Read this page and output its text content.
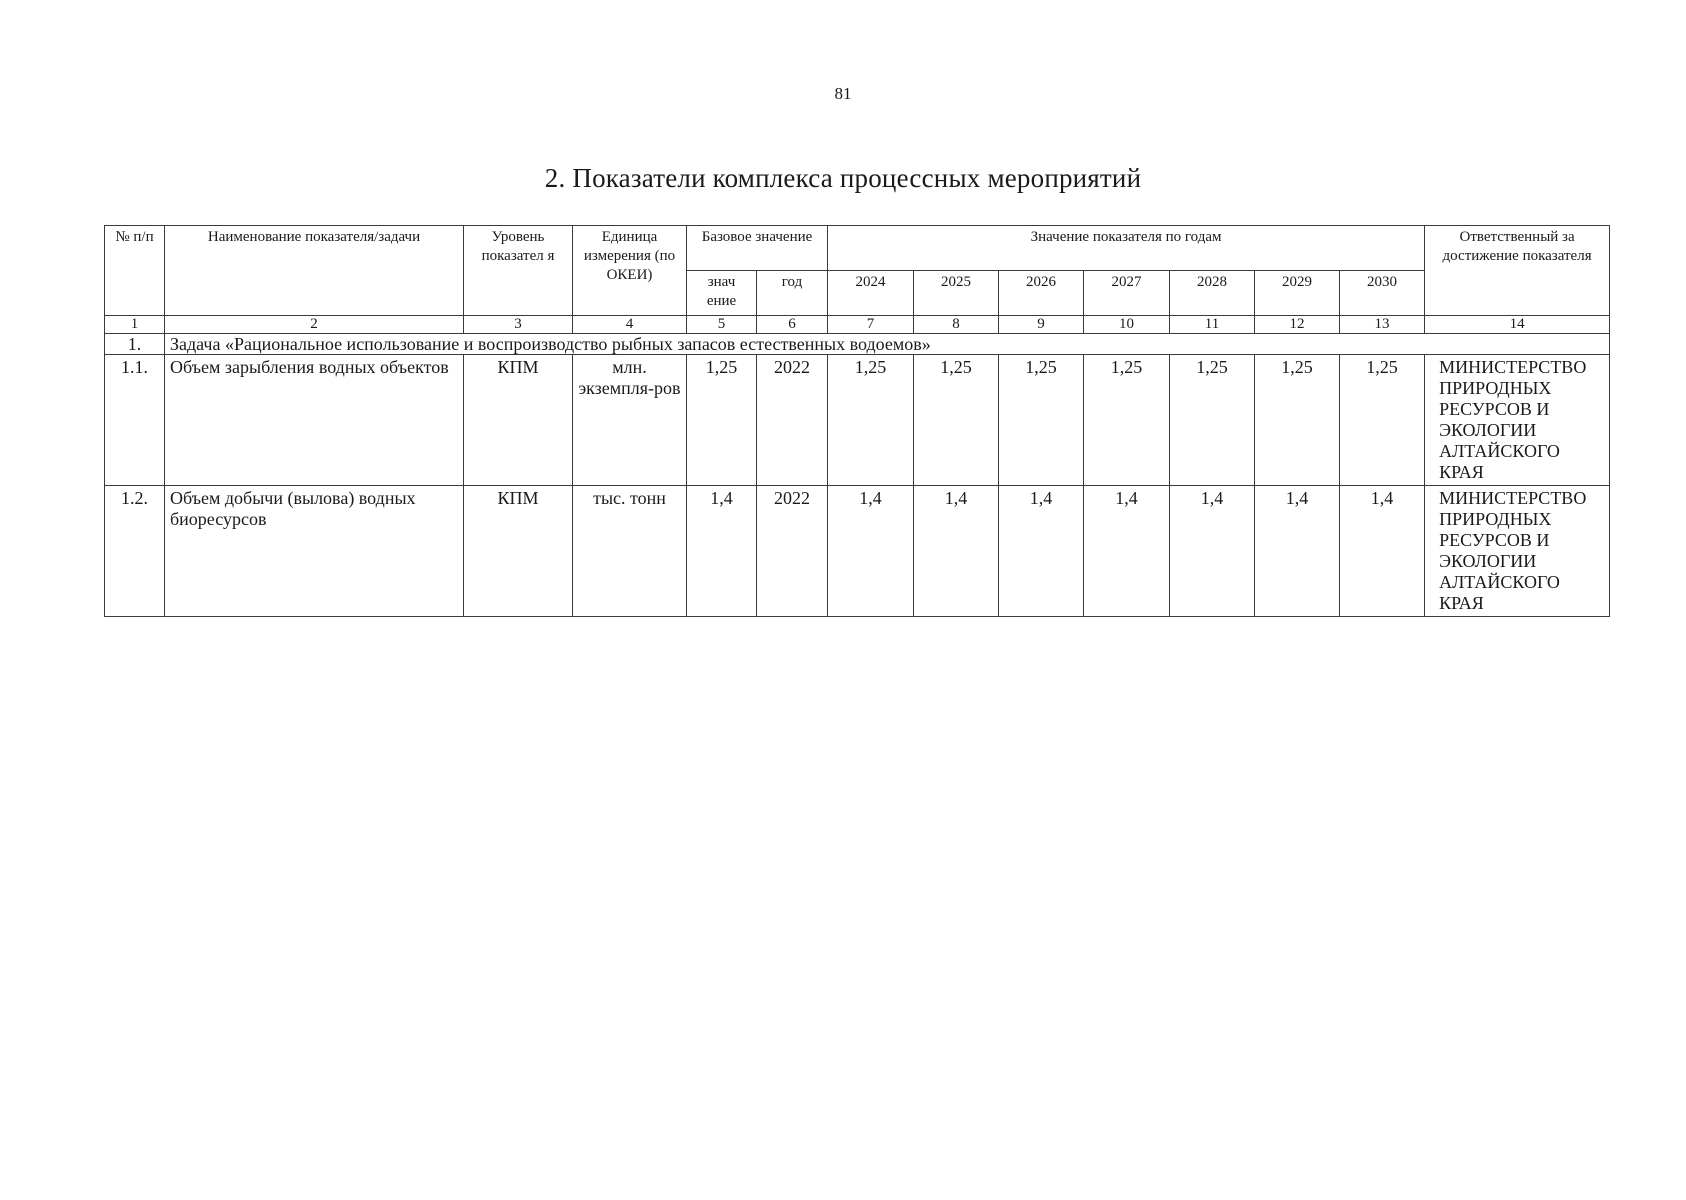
81
2. Показатели комплекса процессных мероприятий
№ п/п	Наименование показателя/задачи	Уровень показател я	Единица измерения (по ОКЕИ)	Базовое значение		Значение показателя по годам							Ответственный за достижение показателя
				знач ение	год	2024	2025	2026	2027	2028	2029	2030	
1	2	3	4	5	6	7	8	9	10	11	12	13	14
1.	Задача «Рациональное использование и воспроизводство рыбных запасов естественных водоемов»												
1.1.	Объем зарыбления водных объектов	КПМ	млн. экземпля-ров	1,25	2022	1,25	1,25	1,25	1,25	1,25	1,25	1,25	МИНИСТЕРСТВО ПРИРОДНЫХ РЕСУРСОВ И ЭКОЛОГИИ АЛТАЙСКОГО КРАЯ
1.2.	Объем добычи (вылова) водных биоресурсов	КПМ	тыс. тонн	1,4	2022	1,4	1,4	1,4	1,4	1,4	1,4	1,4	МИНИСТЕРСТВО ПРИРОДНЫХ РЕСУРСОВ И ЭКОЛОГИИ АЛТАЙСКОГО КРАЯ
